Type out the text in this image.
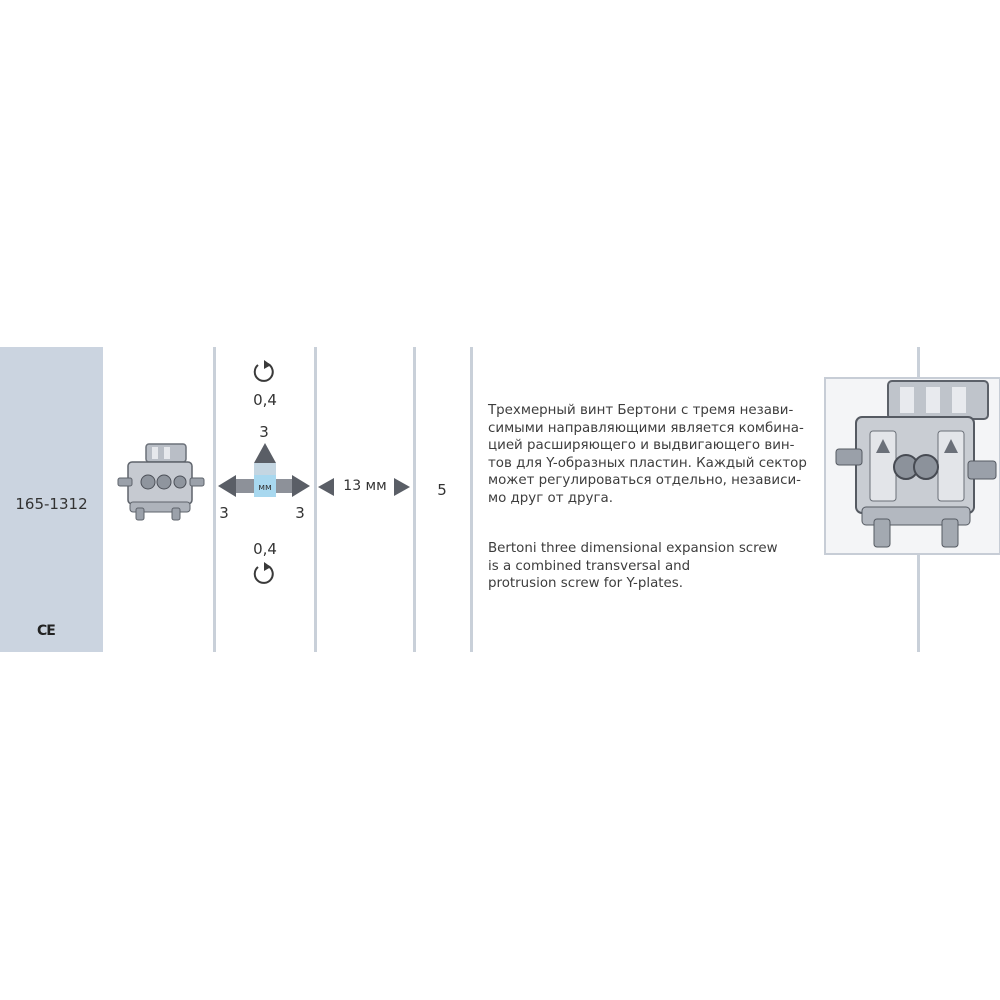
165-1312
CE
0,4
3
мм
3	3
0,4
13 мм	5
Трехмерный винт Бертони с тремя незави-
симыми направляющими является комбина-
цией расширяющего и выдвигающего вин-
тов для Y-образных пластин. Каждый сектор
может регулироваться отдельно, независи-
мо друг от друга.
Bertoni three dimensional expansion screw
is a combined transversal and
protrusion screw for Y-plates.
